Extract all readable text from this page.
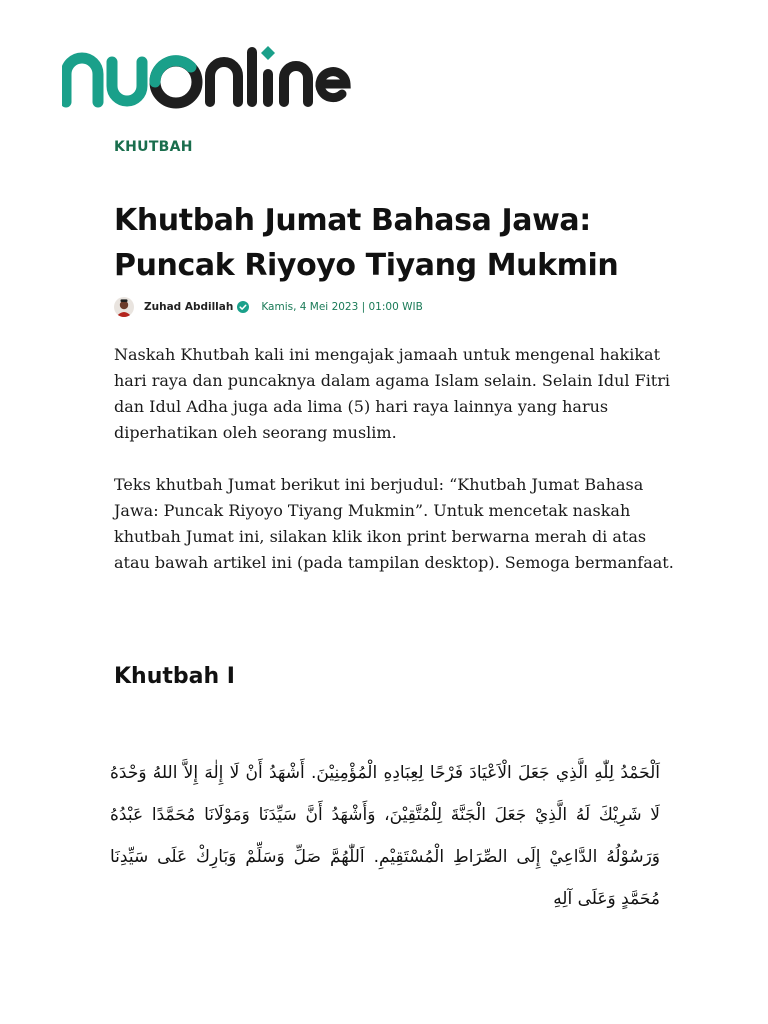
KHUTBAH
Khutbah Jumat Bahasa Jawa: Puncak Riyoyo Tiyang Mukmin
Zuhad Abdillah	Kamis, 4 Mei 2023 | 01:00 WIB

Naskah Khutbah kali ini mengajak jamaah untuk mengenal hakikat hari raya dan puncaknya dalam agama Islam selain. Selain Idul Fitri dan Idul Adha juga ada lima (5) hari raya lainnya yang harus diperhatikan oleh seorang muslim.

Teks khutbah Jumat berikut ini berjudul: “Khutbah Jumat Bahasa Jawa: Puncak Riyoyo Tiyang Mukmin”. Untuk mencetak naskah khutbah Jumat ini, silakan klik ikon print berwarna merah di atas atau bawah artikel ini (pada tampilan desktop). Semoga bermanfaat.

Khutbah I

اَلْحَمْدُ لِلّٰهِ الَّذِي جَعَلَ الْاَعْيَادَ فَرْحًا لِعِبَادِهِ الْمُؤْمِنِيْنَ. أَشْهَدُ أَنْ لَا إِلٰهَ إِلاَّ اللهُ وَحْدَهُ لَا شَرِيْكَ لَهُ الَّذِيْ جَعَلَ الْجَنَّةَ لِلْمُتَّقِيْنَ، وَأَشْهَدُ أَنَّ سَيِّدَنَا وَمَوْلَانَا مُحَمَّدًا عَبْدُهُ وَرَسُوْلُهُ الدَّاعِيْ إِلَى الصِّرَاطِ الْمُسْتَقِيْمِ. اَللّٰهُمَّ صَلِّ وَسَلِّمْ وَبَارِكْ عَلَى سَيِّدِنَا مُحَمَّدٍ وَعَلَى آلِهِ
